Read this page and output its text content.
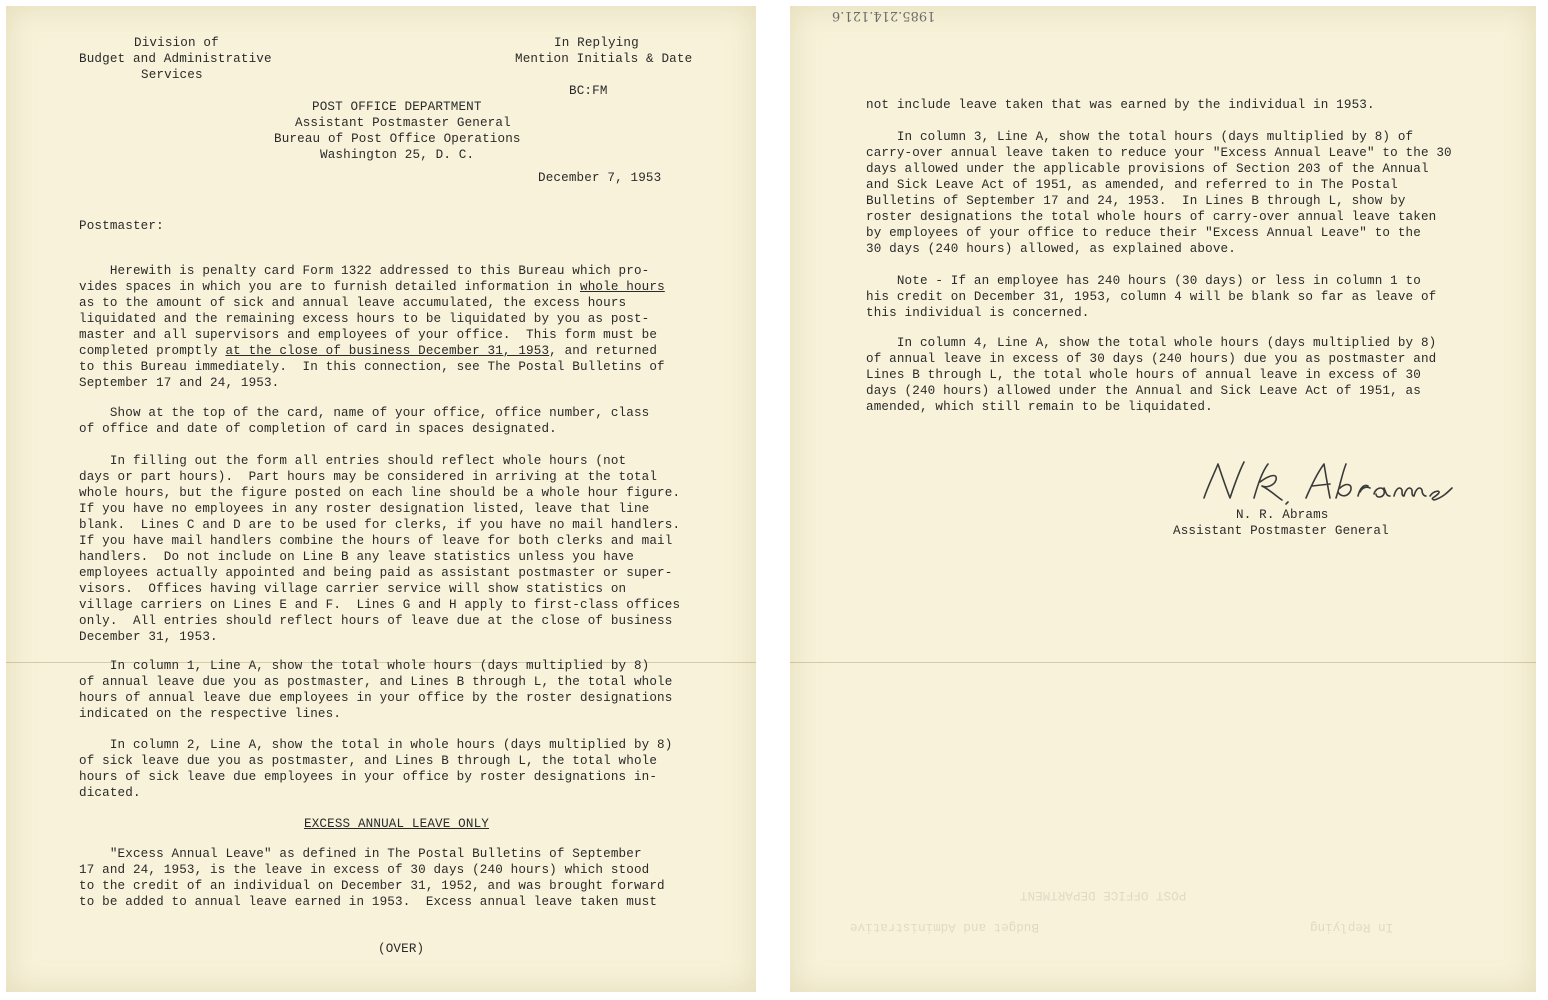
Division of
Budget and Administrative
Services
In Replying
Mention Initials & Date
BC:FM
POST OFFICE DEPARTMENT
Assistant Postmaster General
Bureau of Post Office Operations
Washington 25, D. C.
December 7, 1953
Postmaster:
Herewith is penalty card Form 1322 addressed to this Bureau which pro-
vides spaces in which you are to furnish detailed information in whole hours
as to the amount of sick and annual leave accumulated, the excess hours
liquidated and the remaining excess hours to be liquidated by you as post-
master and all supervisors and employees of your office.  This form must be
completed promptly at the close of business December 31, 1953, and returned
to this Bureau immediately.  In this connection, see The Postal Bulletins of
September 17 and 24, 1953.
Show at the top of the card, name of your office, office number, class
of office and date of completion of card in spaces designated.
In filling out the form all entries should reflect whole hours (not
days or part hours).  Part hours may be considered in arriving at the total
whole hours, but the figure posted on each line should be a whole hour figure.
If you have no employees in any roster designation listed, leave that line
blank.  Lines C and D are to be used for clerks, if you have no mail handlers.
If you have mail handlers combine the hours of leave for both clerks and mail
handlers.  Do not include on Line B any leave statistics unless you have
employees actually appointed and being paid as assistant postmaster or super-
visors.  Offices having village carrier service will show statistics on
village carriers on Lines E and F.  Lines G and H apply to first-class offices
only.  All entries should reflect hours of leave due at the close of business
December 31, 1953.
In column 1, Line A, show the total whole hours (days multiplied by 8)
of annual leave due you as postmaster, and Lines B through L, the total whole
hours of annual leave due employees in your office by the roster designations
indicated on the respective lines.
In column 2, Line A, show the total in whole hours (days multiplied by 8)
of sick leave due you as postmaster, and Lines B through L, the total whole
hours of sick leave due employees in your office by roster designations in-
dicated.
EXCESS ANNUAL LEAVE ONLY
"Excess Annual Leave" as defined in The Postal Bulletins of September
17 and 24, 1953, is the leave in excess of 30 days (240 hours) which stood
to the credit of an individual on December 31, 1952, and was brought forward
to be added to annual leave earned in 1953.  Excess annual leave taken must
(OVER)
POST OFFICE DEPARTMENT
In Replying
Budget and Administrative
1985.214.121.6
not include leave taken that was earned by the individual in 1953.
In column 3, Line A, show the total hours (days multiplied by 8) of
carry-over annual leave taken to reduce your "Excess Annual Leave" to the 30
days allowed under the applicable provisions of Section 203 of the Annual
and Sick Leave Act of 1951, as amended, and referred to in The Postal
Bulletins of September 17 and 24, 1953.  In Lines B through L, show by
roster designations the total whole hours of carry-over annual leave taken
by employees of your office to reduce their "Excess Annual Leave" to the
30 days (240 hours) allowed, as explained above.
Note - If an employee has 240 hours (30 days) or less in column 1 to
his credit on December 31, 1953, column 4 will be blank so far as leave of
this individual is concerned.
In column 4, Line A, show the total whole hours (days multiplied by 8)
of annual leave in excess of 30 days (240 hours) due you as postmaster and
Lines B through L, the total whole hours of annual leave in excess of 30
days (240 hours) allowed under the Annual and Sick Leave Act of 1951, as
amended, which still remain to be liquidated.
N. R. Abrams
Assistant Postmaster General
